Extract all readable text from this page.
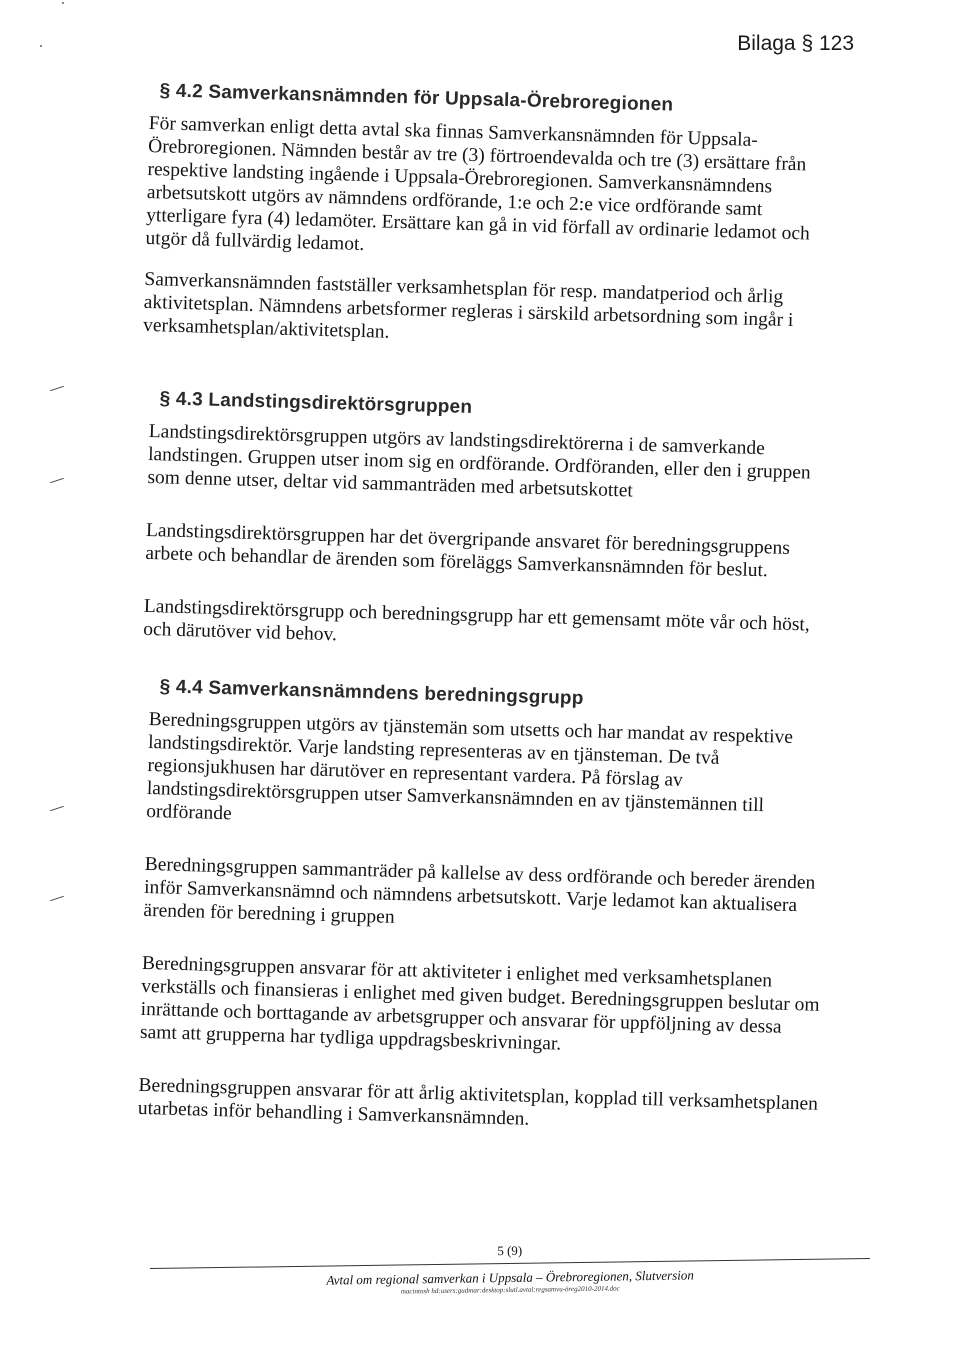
Bilaga § 123
§ 4.2 Samverkansnämnden för Uppsala-Örebroregionen

För samverkan enligt detta avtal ska finnas Samverkansnämnden för Uppsala-Örebroregionen. Nämnden består av tre (3) förtroendevalda och tre (3) ersättare från respektive landsting ingående i Uppsala-Örebroregionen. Samverkansnämndens arbetsutskott utgörs av nämndens ordförande, 1:e och 2:e vice ordförande samt ytterligare fyra (4) ledamöter. Ersättare kan gå in vid förfall av ordinarie ledamot och utgör då fullvärdig ledamot.

Samverkansnämnden fastställer verksamhetsplan för resp. mandatperiod och årlig aktivitetsplan. Nämndens arbetsformer regleras i särskild arbetsordning som ingår i verksamhetsplan/aktivitetsplan.

§ 4.3 Landstingsdirektörsgruppen

Landstingsdirektörsgruppen utgörs av landstingsdirektörerna i de samverkande landstingen. Gruppen utser inom sig en ordförande. Ordföranden, eller den i gruppen som denne utser, deltar vid sammanträden med arbetsutskottet

Landstingsdirektörsgruppen har det övergripande ansvaret för beredningsgruppens arbete och behandlar de ärenden som föreläggs Samverkansnämnden för beslut.

Landstingsdirektörsgrupp och beredningsgrupp har ett gemensamt möte vår och höst, och därutöver vid behov.

§ 4.4 Samverkansnämndens beredningsgrupp

Beredningsgruppen utgörs av tjänstemän som utsetts och har mandat av respektive landstingsdirektör. Varje landsting representeras av en tjänsteman. De två regionsjukhusen har därutöver en representant vardera. På förslag av landstingsdirektörsgruppen utser Samverkansnämnden en av tjänstemännen till ordförande

Beredningsgruppen sammanträder på kallelse av dess ordförande och bereder ärenden inför Samverkansnämnd och nämndens arbetsutskott. Varje ledamot kan aktualisera ärenden för beredning i gruppen

Beredningsgruppen ansvarar för att aktiviteter i enlighet med verksamhetsplanen verkställs och finansieras i enlighet med given budget. Beredningsgruppen beslutar om inrättande och borttagande av arbetsgrupper och ansvarar för uppföljning av dessa samt att grupperna har tydliga uppdragsbeskrivningar.

Beredningsgruppen ansvarar för att årlig aktivitetsplan, kopplad till verksamhetsplanen utarbetas inför behandling i Samverkansnämnden.

5 (9)
Avtal om regional samverkan i Uppsala – Örebroregionen, Slutversion
macintosh hd:users:gudmar:desktop:slutl.avtal:regsamvu-öreg2010-2014.doc
